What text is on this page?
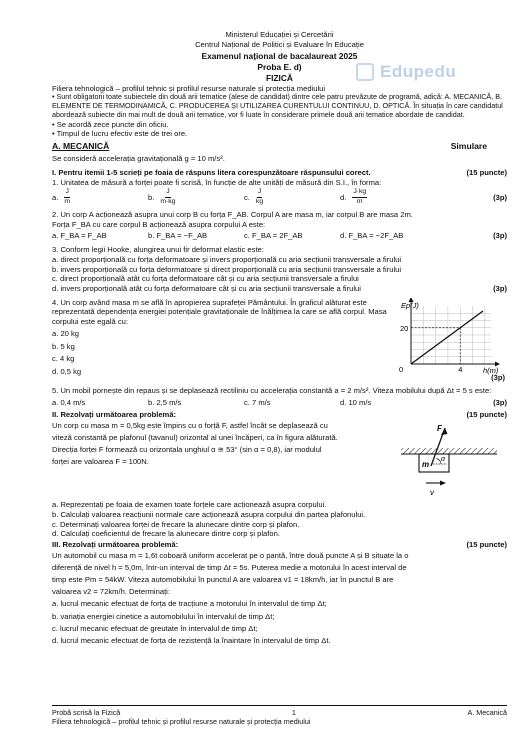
Edupedu
Ministerul Educației și Cercetării
Centrul Național de Politici și Evaluare în Educație
Examenul național de bacalaureat 2025
Proba E. d)
FIZICĂ

Filiera tehnologică – profilul tehnic și profilul resurse naturale și protecția mediului

• Sunt obligatorii toate subiectele din două arii tematice (alese de candidat) dintre cele patru prevăzute de programă, adică: A. MECANICĂ, B. ELEMENTE DE TERMODINAMICĂ, C. PRODUCEREA ȘI UTILIZAREA CURENTULUI CONTINUU, D. OPTICĂ. În situația în care candidatul abordează subiecte din mai mult de două arii tematice, vor fi luate în considerare primele două arii tematice abordate de candidat.

• Se acordă zece puncte din oficiu.

• Timpul de lucru efectiv este de trei ore.

A. MECANICĂ	Simulare

Se consideră accelerația gravitațională g = 10 m/s².

I. Pentru itemii 1-5 scrieți pe foaia de răspuns litera corespunzătoare răspunsului corect.	(15 puncte)

1. Unitatea de măsură a forței poate fi scrisă, în funcție de alte unități de măsură din S.I., în forma:

a. $\frac{J}{m}$	b. $\frac{J}{m\cdot kg}$	c. $\frac{J}{kg}$	d. $\frac{J\cdot kg}{m}$	(3p)

2. Un corp A acționează asupra unui corp B cu forța F_AB. Corpul A are masa m, iar corpul B are masa 2m.

Forța F_BA cu care corpul B acționează asupra corpului A este:

a. F_BA = F_AB	b. F_BA = −F_AB	c. F_BA = 2F_AB	d. F_BA = −2F_AB	(3p)

3. Conform legii Hooke, alungirea unui fir deformat elastic este:

a. direct proporțională cu forța deformatoare și invers proporțională cu aria secțiunii transversale a firului

b. invers proporțională cu forța deformatoare și direct proporțională cu aria secțiunii transversale a firului

c. direct proporțională atât cu forța deformatoare cât și cu aria secțiunii transversale a firului

d. invers proporțională atât cu forța deformatoare cât și cu aria secțiunii transversale a firului	(3p)

4. Un corp având masa m se află în apropierea suprafeței Pământului. În graficul alăturat este reprezentată dependența energiei potențiale gravitaționale de înălțimea la care se află corpul. Masa corpului este egală cu:

a. 20 kg

b. 5 kg

c. 4 kg

d. 0,5 kg	0	4
20
h(m)
Ep(J)
(3p)

5. Un mobil pornește din repaus și se deplasează rectiliniu cu accelerația constantă a = 2 m/s². Viteza mobilului după Δt = 5 s este:

a. 0,4 m/s	b. 2,5 m/s	c. 7 m/s	d. 10 m/s	(3p)
II. Rezolvați următoarea problemă:	(15 puncte)

Un corp cu masa m = 0,5kg este împins cu o forță F, astfel încât se deplasează cu

viteză constantă pe plafonul (tavanul) orizontal al unei încăperi, ca în figura alăturată.

Direcția forței F formează cu orizontala unghiul α ≅ 53° (sin α = 0,8), iar modulul

forței are valoarea F = 100N.	m
α
F
v

a. Reprezentați pe foaia de examen toate forțele care acționează asupra corpului.

b. Calculați valoarea reacțiunii normale care acționează asupra corpului din partea plafonului.

c. Determinați valoarea forței de frecare la alunecare dintre corp și plafon.

d. Calculați coeficientul de frecare la alunecare dintre corp și plafon.

III. Rezolvați următoarea problemă:	(15 puncte)

Un automobil cu masa m = 1,6t coboară uniform accelerat pe o pantă, între două puncte A și B situate la o

diferență de nivel h = 5,0m, într-un interval de timp Δt = 5s. Puterea medie a motorului în acest interval de

timp este Pm = 54kW. Viteza automobilului în punctul A are valoarea v1 = 18km/h, iar în punctul B are

valoarea v2 = 72km/h. Determinați:

a. lucrul mecanic efectuat de forța de tracțiune a motorului în intervalul de timp Δt;

b. variația energiei cinetice a automobilului în intervalul de timp Δt;

c. lucrul mecanic efectuat de greutate în intervalul de timp Δt;

d. lucrul mecanic efectuat de forța de rezistență la înaintare în intervalul de timp Δt.

Probă scrisă la Fizică	1	A. Mecanică
Filiera tehnologică – profilul tehnic și profilul resurse naturale și protecția mediului
